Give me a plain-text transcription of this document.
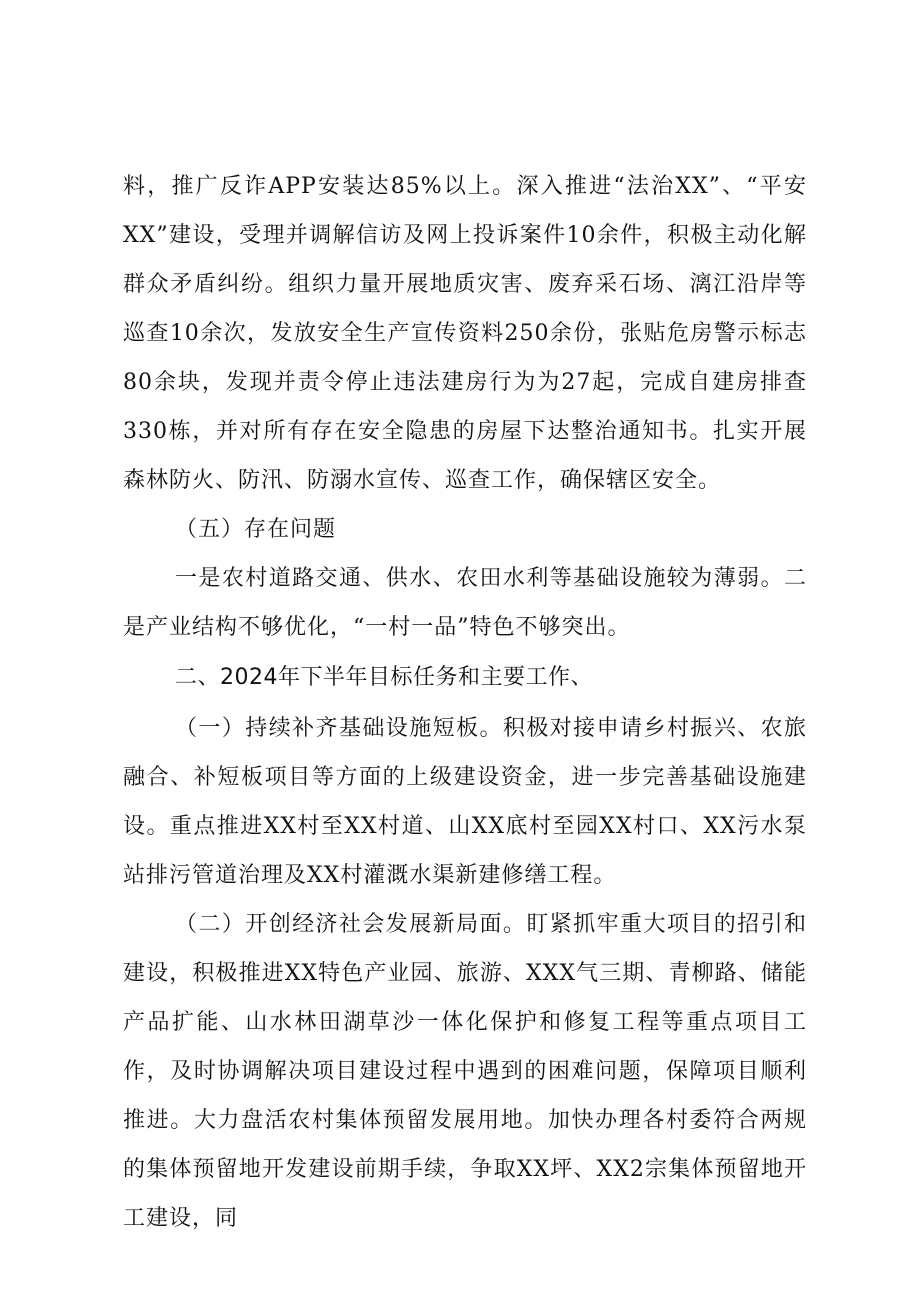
料，推广反诈APP安装达85%以上。深入推进“法治XX”、“平安XX”建设，受理并调解信访及网上投诉案件10余件，积极主动化解群众矛盾纠纷。组织力量开展地质灾害、废弃采石场、漓江沿岸等巡查10余次，发放安全生产宣传资料250余份，张贴危房警示标志80余块，发现并责令停止违法建房行为为27起，完成自建房排查330栋，并对所有存在安全隐患的房屋下达整治通知书。扎实开展森林防火、防汛、防溺水宣传、巡查工作，确保辖区安全。

（五）存在问题

一是农村道路交通、供水、农田水利等基础设施较为薄弱。二是产业结构不够优化，“一村一品”特色不够突出。

二、2024年下半年目标任务和主要工作、

（一）持续补齐基础设施短板。积极对接申请乡村振兴、农旅融合、补短板项目等方面的上级建设资金，进一步完善基础设施建设。重点推进XX村至XX村道、山XX底村至园XX村口、XX污水泵站排污管道治理及XX村灌溉水渠新建修缮工程。

（二）开创经济社会发展新局面。盯紧抓牢重大项目的招引和建设，积极推进XX特色产业园、旅游、XXX气三期、青柳路、储能产品扩能、山水林田湖草沙一体化保护和修复工程等重点项目工作，及时协调解决项目建设过程中遇到的困难问题，保障项目顺利推进。大力盘活农村集体预留发展用地。加快办理各村委符合两规的集体预留地开发建设前期手续，争取XX坪、XX2宗集体预留地开工建设，同
